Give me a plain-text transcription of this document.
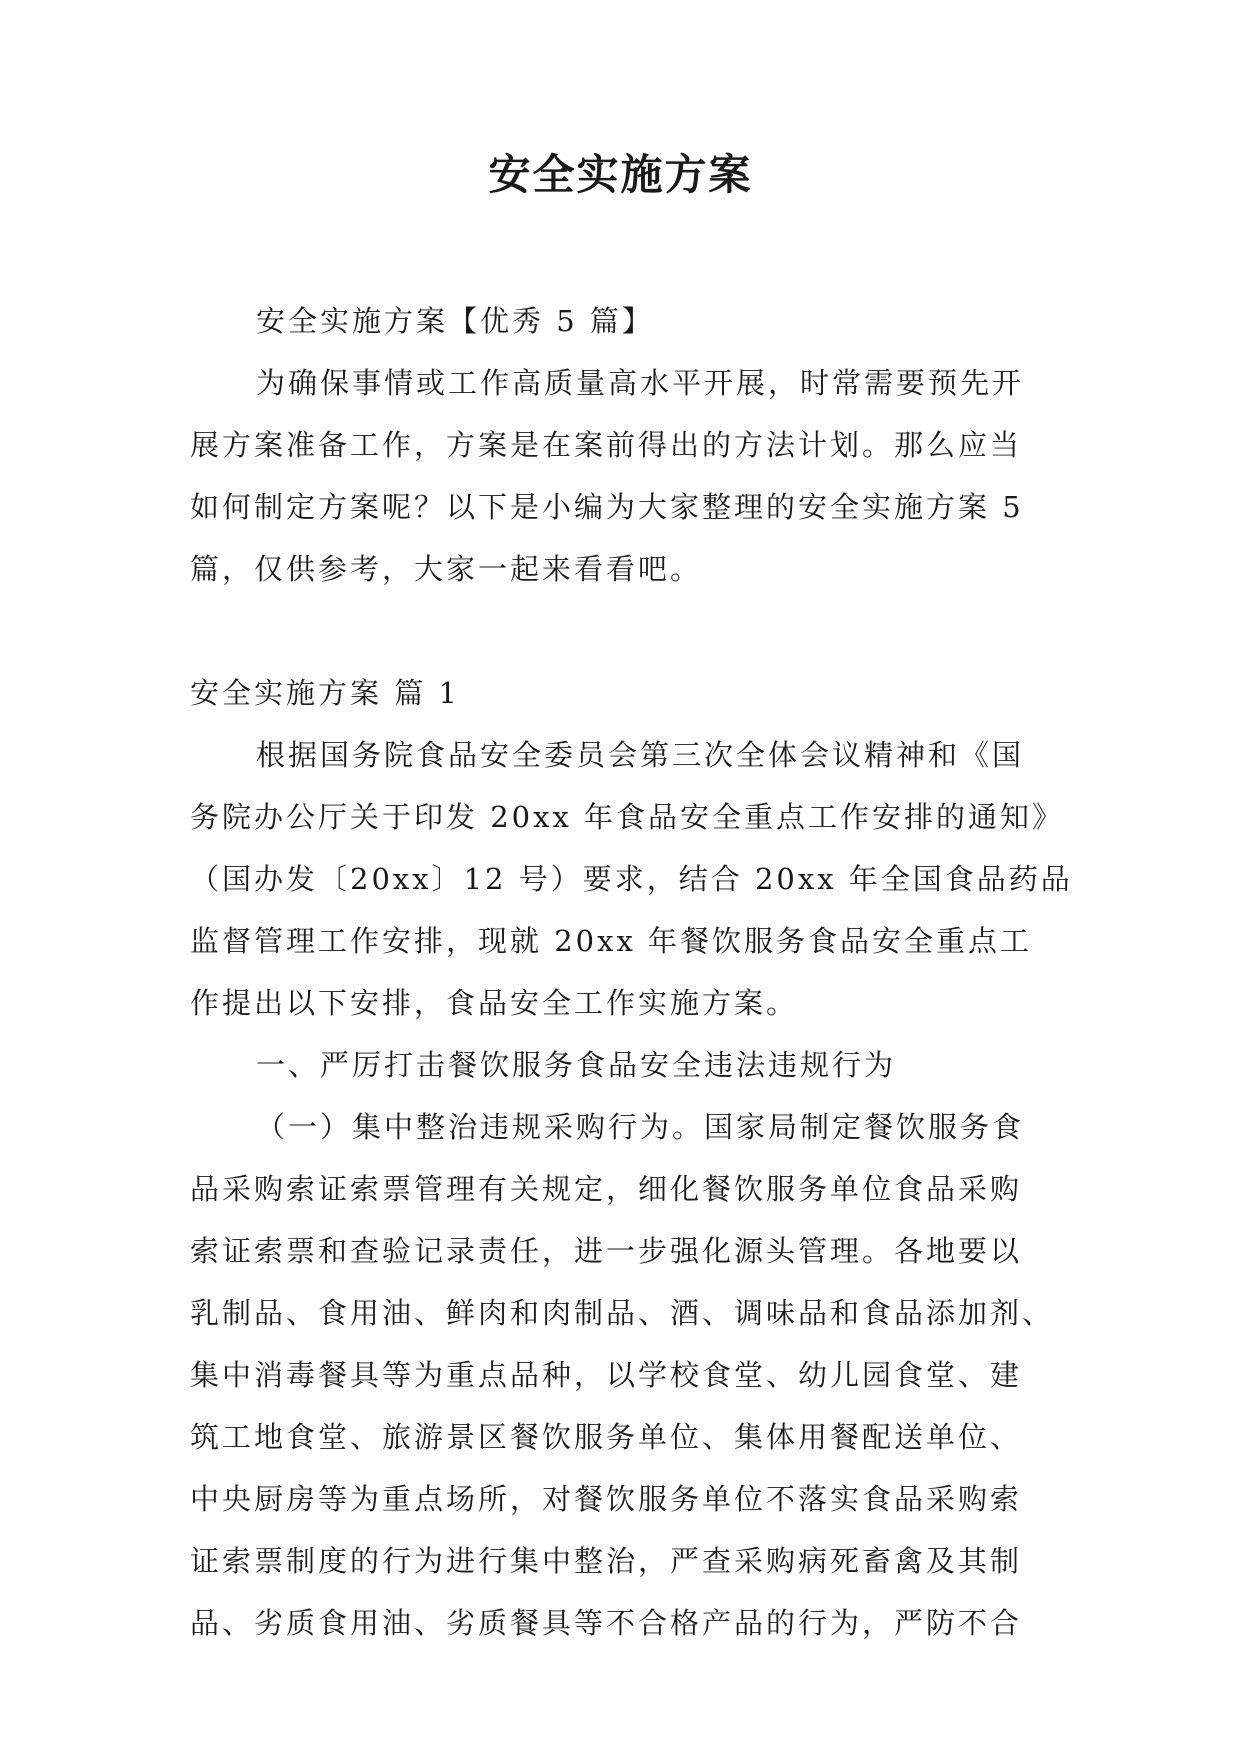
安全实施方案

安全实施方案【优秀 5 篇】

为确保事情或工作高质量高水平开展，时常需要预先开
展方案准备工作，方案是在案前得出的方法计划。那么应当
如何制定方案呢？以下是小编为大家整理的安全实施方案 5
篇，仅供参考，大家一起来看看吧。

安全实施方案 篇 1

根据国务院食品安全委员会第三次全体会议精神和《国
务院办公厅关于印发 20xx 年食品安全重点工作安排的通知》
（国办发〔20xx〕12 号）要求，结合 20xx 年全国食品药品
监督管理工作安排，现就 20xx 年餐饮服务食品安全重点工
作提出以下安排，食品安全工作实施方案。

一、严厉打击餐饮服务食品安全违法违规行为

（一）集中整治违规采购行为。国家局制定餐饮服务食
品采购索证索票管理有关规定，细化餐饮服务单位食品采购
索证索票和查验记录责任，进一步强化源头管理。各地要以
乳制品、食用油、鲜肉和肉制品、酒、调味品和食品添加剂、
集中消毒餐具等为重点品种，以学校食堂、幼儿园食堂、建
筑工地食堂、旅游景区餐饮服务单位、集体用餐配送单位、
中央厨房等为重点场所，对餐饮服务单位不落实食品采购索
证索票制度的行为进行集中整治，严查采购病死畜禽及其制
品、劣质食用油、劣质餐具等不合格产品的行为，严防不合
